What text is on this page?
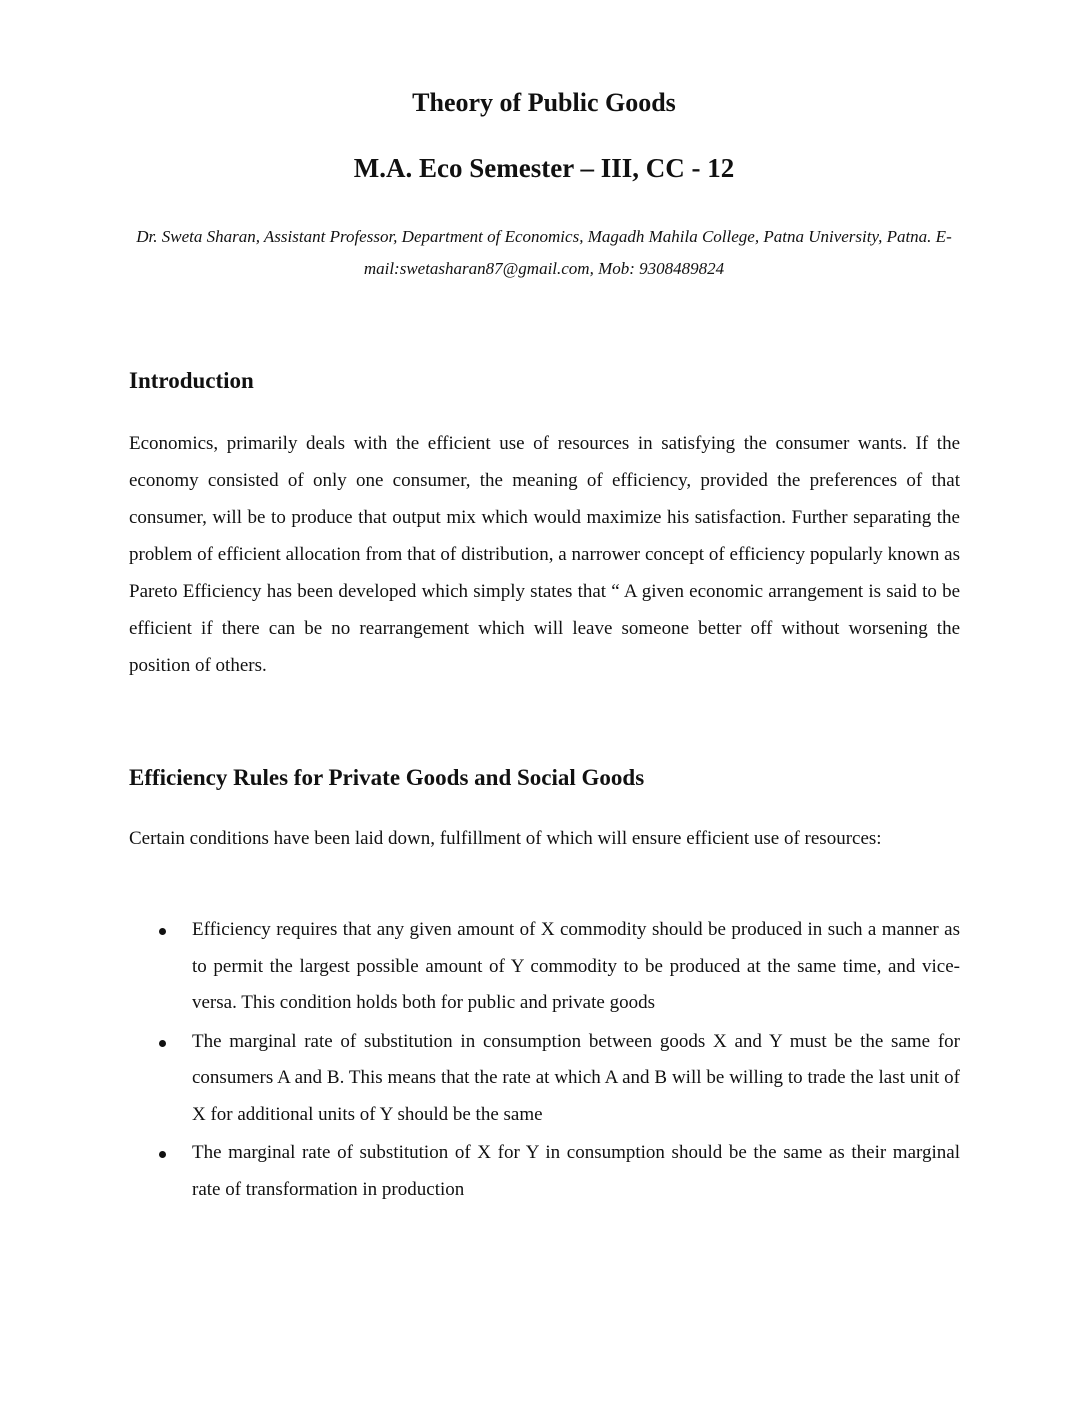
Theory of Public Goods
M.A. Eco Semester – III, CC - 12

Dr. Sweta Sharan, Assistant Professor, Department of Economics, Magadh Mahila College, Patna University, Patna. E-mail:swetasharan87@gmail.com, Mob: 9308489824

Introduction

Economics, primarily deals with the efficient use of resources in satisfying the consumer wants. If the economy consisted of only one consumer, the meaning of efficiency, provided the preferences of that consumer, will be to produce that output mix which would maximize his satisfaction. Further separating the problem of efficient allocation from that of distribution, a narrower concept of efficiency popularly known as Pareto Efficiency has been developed which simply states that “ A given economic arrangement is said to be efficient if there can be no rearrangement which will leave someone better off without worsening the position of others.

Efficiency Rules for Private Goods and Social Goods

Certain conditions have been laid down, fulfillment of which will ensure efficient use of resources:

Efficiency requires that any given amount of X commodity should be produced in such a manner as to permit the largest possible amount of Y commodity to be produced at the same time, and vice-versa. This condition holds both for public and private goods
The marginal rate of substitution in consumption between goods X and Y must be the same for consumers A and B. This means that the rate at which A and B will be willing to trade the last unit of X for additional units of Y should be the same
The marginal rate of substitution of X for Y in consumption should be the same as their marginal rate of transformation in production
